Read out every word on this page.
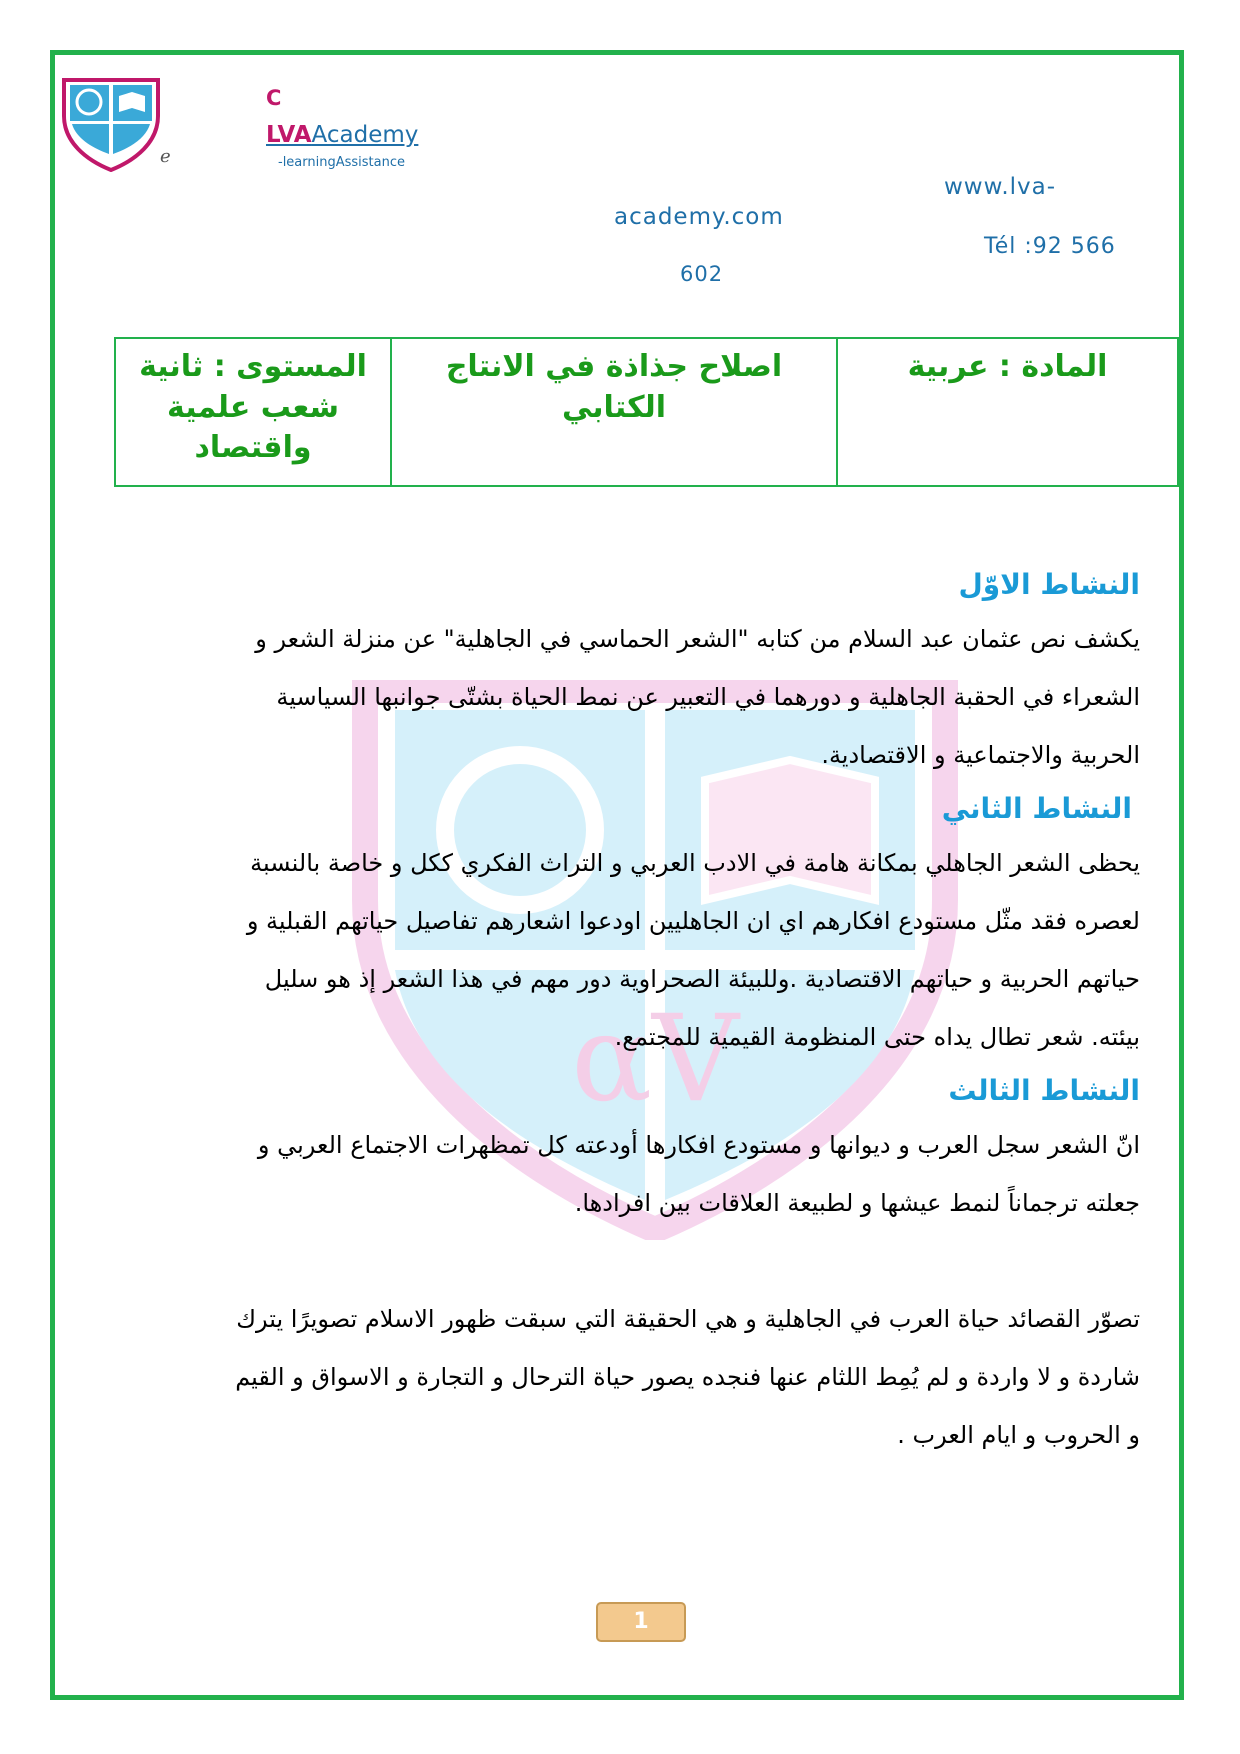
e
C
LVAAcademy
-learningAssistance
www.lva-
academy.com
Tél :92 566
602
المستوى : ثانية
شعب علمية
واقتصاد

اصلاح جذاذة في الانتاج الكتابي

المادة : عربية
αV

النشاط الاوّل

يكشف نص عثمان عبد السلام من كتابه "الشعر الحماسي في الجاهلية" عن منزلة الشعر و

الشعراء في الحقبة الجاهلية و دورهما في التعبير عن نمط الحياة بشتّى جوانبها السياسية

الحربية والاجتماعية و الاقتصادية.

النشاط الثاني

يحظى الشعر الجاهلي بمكانة هامة في الادب العربي و التراث الفكري ككل و خاصة بالنسبة

لعصره فقد مثّل مستودع افكارهم اي ان الجاهليين اودعوا اشعارهم تفاصيل حياتهم القبلية و

حياتهم الحربية و حياتهم الاقتصادية .وللبيئة الصحراوية دور مهم في هذا الشعر إذ هو سليل

بيئته. شعر تطال يداه حتى المنظومة القيمية للمجتمع.

النشاط الثالث

انّ الشعر سجل العرب و ديوانها و مستودع افكارها أودعته كل تمظهرات الاجتماع العربي و

جعلته ترجماناً لنمط عيشها و لطبيعة العلاقات بين افرادها.

تصوّر القصائد حياة العرب في الجاهلية و هي الحقيقة التي سبقت ظهور الاسلام تصويرًا يترك

شاردة و لا واردة و لم يُمِط اللثام عنها فنجده يصور حياة الترحال و التجارة و الاسواق و القيم

و الحروب و ايام العرب .

1
